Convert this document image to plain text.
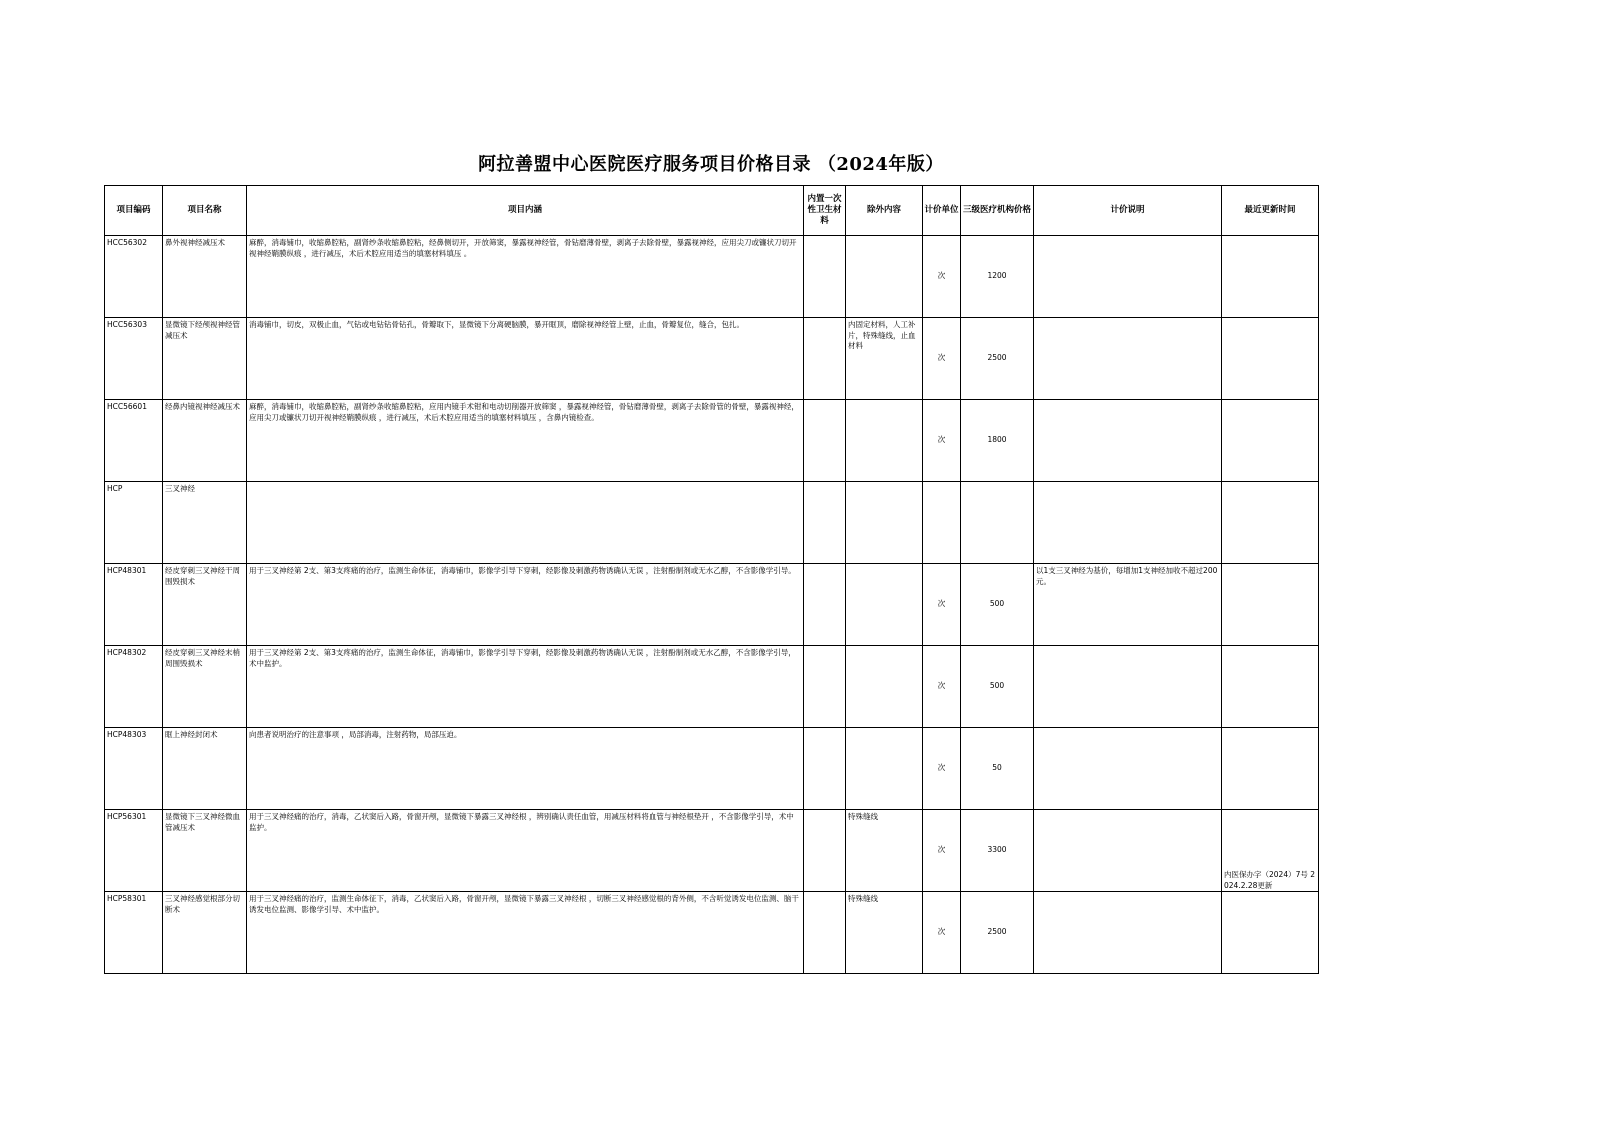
阿拉善盟中心医院医疗服务项目价格目录 （2024年版）
项目编码	项目名称	项目内涵	内置一次性卫生材料	除外内容	计价单位	三级医疗机构价格	计价说明	最近更新时间
HCC56302	鼻外视神经减压术	麻醉，消毒铺巾，收缩鼻腔粘，副肾纱条收缩鼻腔粘，经鼻侧切开，开放筛窦，暴露视神经管，骨钻磨薄骨壁，剥离子去除骨壁，暴露视神经，应用尖刀或镰状刀切开视神经鞘膜纵痕 ，进行减压，术后术腔应用适当的填塞材料填压 。			次	1200		
HCC56303	显微镜下经颅视神经管减压术	消毒铺巾，切皮，双极止血，气钻或电钻钻骨钻孔，骨瓣取下，显微镜下分离硬脑膜，暴开眶顶，磨除视神经管上壁，止血，骨瓣复位，缝合，包扎。		内固定材料，人工补片，特殊缝线，止血材料	次	2500		
HCC56601	经鼻内镜视神经减压术	麻醉，消毒铺巾，收缩鼻腔粘，副肾纱条收缩鼻腔粘，应用内镜手术钳和电动切削器开放筛窦 ，暴露视神经管，骨钻磨薄骨壁，剥离子去除骨管的骨壁，暴露视神经，应用尖刀或镰状刀切开视神经鞘膜纵痕 ，进行减压，术后术腔应用适当的填塞材料填压 ，含鼻内镜检查。			次	1800		
HCP	三叉神经							
HCP48301	经皮穿刺三叉神经干周围毁损术	用于三叉神经第 2支、第3支疼痛的治疗，监测生命体征，消毒铺巾，影像学引导下穿刺，经影像及刺激药物诱确认无误 ，注射酚制剂或无水乙醇，不含影像学引导。			次	500	以1支三叉神经为基价，每增加1支神经加收不超过200元。	
HCP48302	经皮穿刺三叉神经末梢周围毁损术	用于三叉神经第 2支、第3支疼痛的治疗，监测生命体征，消毒铺巾，影像学引导下穿刺，经影像及刺激药物诱确认无误 ，注射酚制剂或无水乙醇，不含影像学引导，术中监护。			次	500		
HCP48303	眶上神经封闭术	向患者说明治疗的注意事项 ，局部消毒，注射药物，局部压迫。			次	50		
HCP56301	显微镜下三叉神经微血管减压术	用于三叉神经痛的治疗，消毒，乙状窦后入路，骨窗开颅，显微镜下暴露三叉神经根 ，辨别确认责任血管，用减压材料将血管与神经根垫开 ，不含影像学引导，术中监护。		特殊缝线	次	3300		内医保办字（2024）7号 2024.2.28更新
HCP58301	三叉神经感觉根部分切断术	用于三叉神经痛的治疗，监测生命体征下，消毒，乙状窦后入路，骨窗开颅，显微镜下暴露三叉神经根 ，切断三叉神经感觉根的背外侧，不含听觉诱发电位监测、脑干诱发电位监测、影像学引导、术中监护。		特殊缝线	次	2500		
